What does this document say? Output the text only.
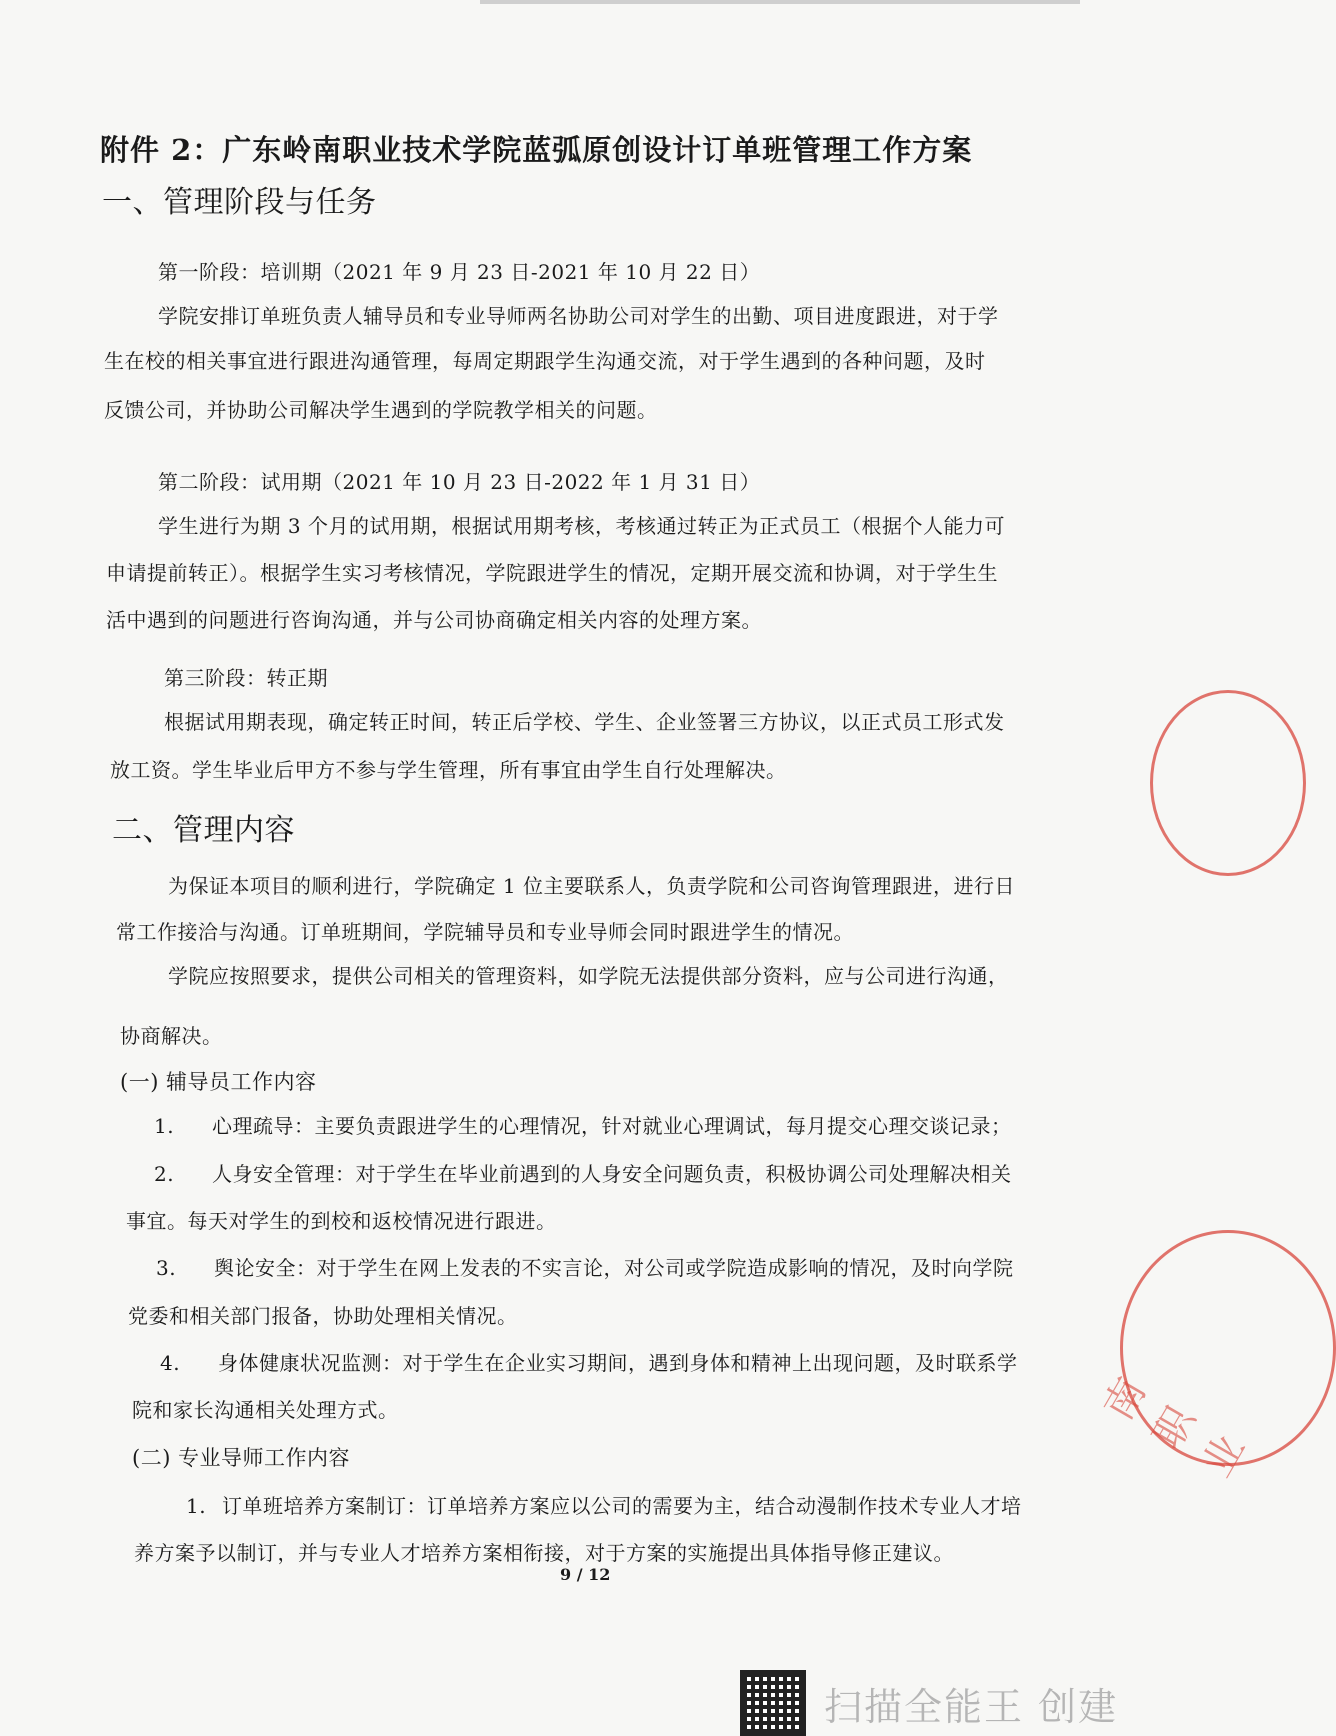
附件 2：广东岭南职业技术学院蓝弧原创设计订单班管理工作方案
一、管理阶段与任务
第一阶段：培训期（2021 年 9 月 23 日-2021 年 10 月 22 日）
学院安排订单班负责人辅导员和专业导师两名协助公司对学生的出勤、项目进度跟进，对于学
生在校的相关事宜进行跟进沟通管理，每周定期跟学生沟通交流，对于学生遇到的各种问题，及时
反馈公司，并协助公司解决学生遇到的学院教学相关的问题。
第二阶段：试用期（2021 年 10 月 23 日-2022 年 1 月 31 日）
学生进行为期 3 个月的试用期，根据试用期考核，考核通过转正为正式员工（根据个人能力可
申请提前转正）。根据学生实习考核情况，学院跟进学生的情况，定期开展交流和协调，对于学生生
活中遇到的问题进行咨询沟通，并与公司协商确定相关内容的处理方案。
第三阶段：转正期
根据试用期表现，确定转正时间，转正后学校、学生、企业签署三方协议，以正式员工形式发
放工资。学生毕业后甲方不参与学生管理，所有事宜由学生自行处理解决。
二、管理内容
为保证本项目的顺利进行，学院确定 1 位主要联系人，负责学院和公司咨询管理跟进，进行日
常工作接洽与沟通。订单班期间，学院辅导员和专业导师会同时跟进学生的情况。
学院应按照要求，提供公司相关的管理资料，如学院无法提供部分资料，应与公司进行沟通，
协商解决。
(一) 辅导员工作内容
1. 心理疏导：主要负责跟进学生的心理情况，针对就业心理调试，每月提交心理交谈记录；
2. 人身安全管理：对于学生在毕业前遇到的人身安全问题负责，积极协调公司处理解决相关
事宜。每天对学生的到校和返校情况进行跟进。
3. 舆论安全：对于学生在网上发表的不实言论，对公司或学院造成影响的情况，及时向学院
党委和相关部门报备，协助处理相关情况。
4. 身体健康状况监测：对于学生在企业实习期间，遇到身体和精神上出现问题，及时联系学
院和家长沟通相关处理方式。
(二) 专业导师工作内容
1. 订单班培养方案制订：订单培养方案应以公司的需要为主，结合动漫制作技术专业人才培
养方案予以制订，并与专业人才培养方案相衔接，对于方案的实施提出具体指导修正建议。
9 / 12
南 职 业
扫描全能王 创建
